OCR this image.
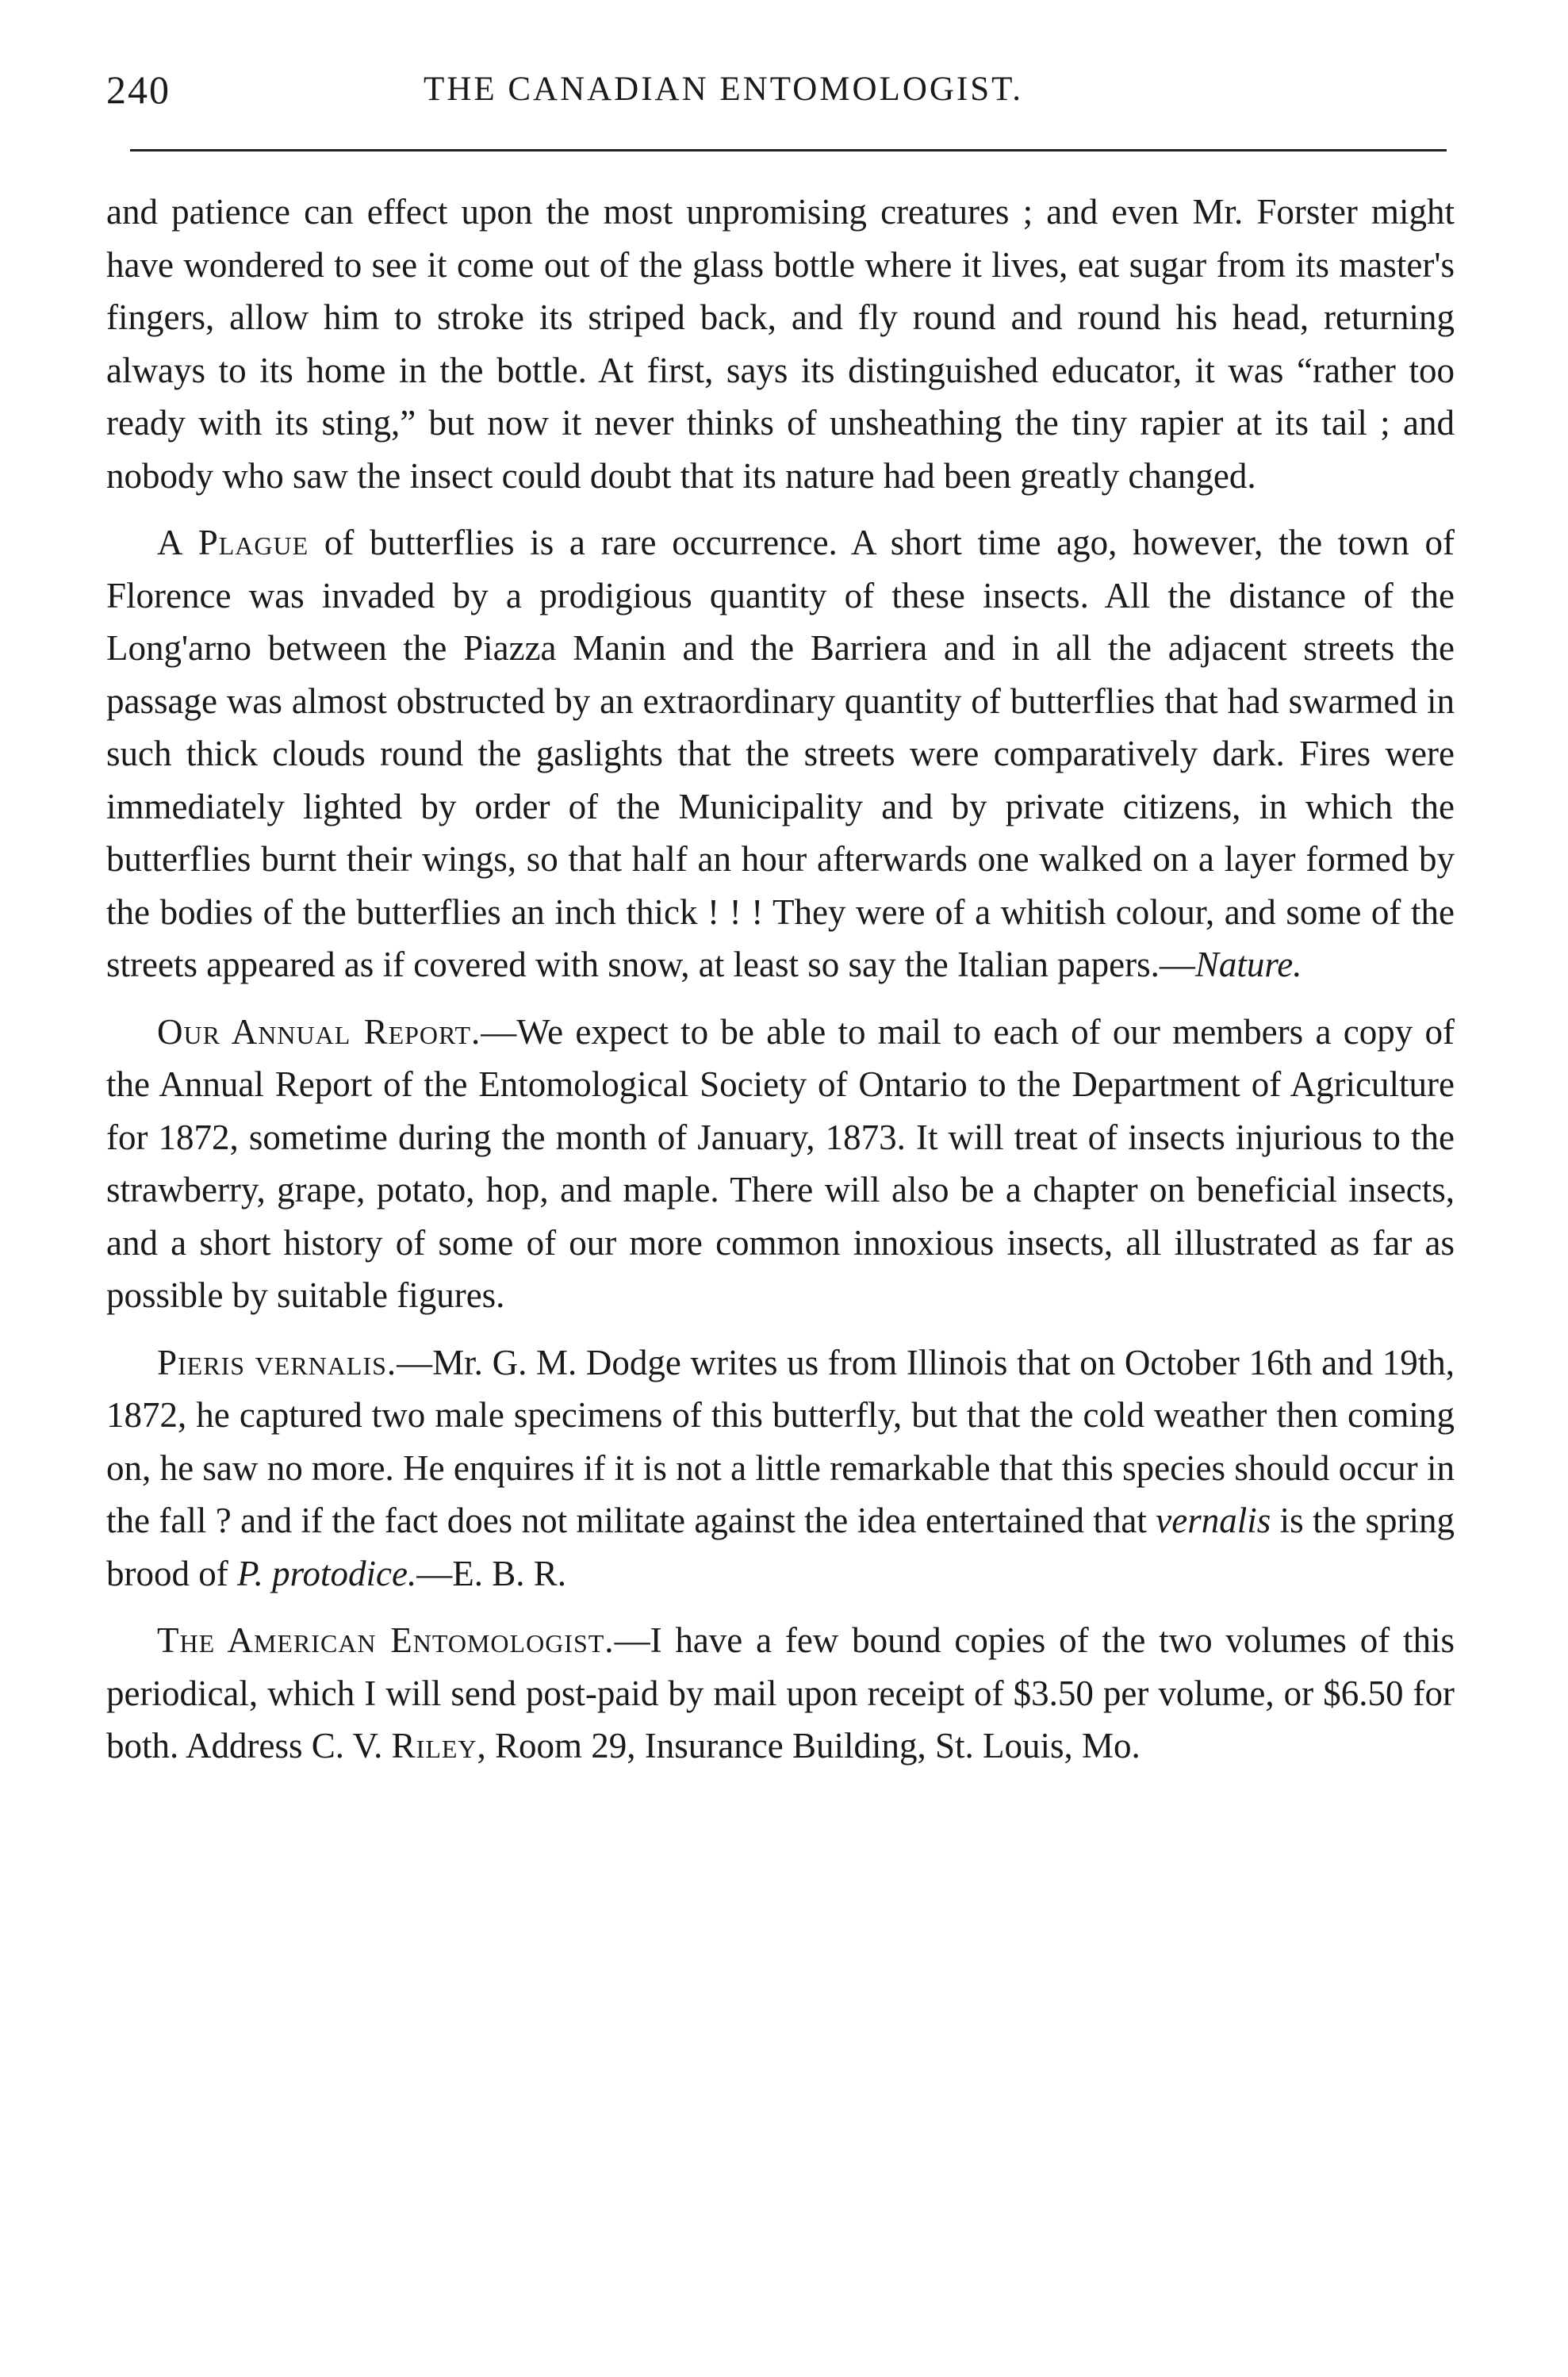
240	THE CANADIAN ENTOMOLOGIST.

and patience can effect upon the most unpromising creatures ; and even Mr. Forster might have wondered to see it come out of the glass bottle where it lives, eat sugar from its master's fingers, allow him to stroke its striped back, and fly round and round his head, returning always to its home in the bottle. At first, says its distinguished educator, it was “rather too ready with its sting,” but now it never thinks of unsheathing the tiny rapier at its tail ; and nobody who saw the insect could doubt that its nature had been greatly changed.

A Plague of butterflies is a rare occurrence. A short time ago, however, the town of Florence was invaded by a prodigious quantity of these insects. All the distance of the Long'arno between the Piazza Manin and the Barriera and in all the adjacent streets the passage was almost obstructed by an extraordinary quantity of butterflies that had swarmed in such thick clouds round the gaslights that the streets were comparatively dark. Fires were immediately lighted by order of the Municipality and by private citizens, in which the butterflies burnt their wings, so that half an hour afterwards one walked on a layer formed by the bodies of the butterflies an inch thick ! ! ! They were of a whitish colour, and some of the streets appeared as if covered with snow, at least so say the Italian papers.—Nature.

Our Annual Report.—We expect to be able to mail to each of our members a copy of the Annual Report of the Entomological Society of Ontario to the Department of Agriculture for 1872, sometime during the month of January, 1873. It will treat of insects injurious to the strawberry, grape, potato, hop, and maple. There will also be a chapter on beneficial insects, and a short history of some of our more common innoxious insects, all illustrated as far as possible by suitable figures.

Pieris vernalis.—Mr. G. M. Dodge writes us from Illinois that on October 16th and 19th, 1872, he captured two male specimens of this butterfly, but that the cold weather then coming on, he saw no more. He enquires if it is not a little remarkable that this species should occur in the fall ? and if the fact does not militate against the idea entertained that vernalis is the spring brood of P. protodice.—E. B. R.

The American Entomologist.—I have a few bound copies of the two volumes of this periodical, which I will send post-paid by mail upon receipt of $3.50 per volume, or $6.50 for both. Address C. V. Riley, Room 29, Insurance Building, St. Louis, Mo.
